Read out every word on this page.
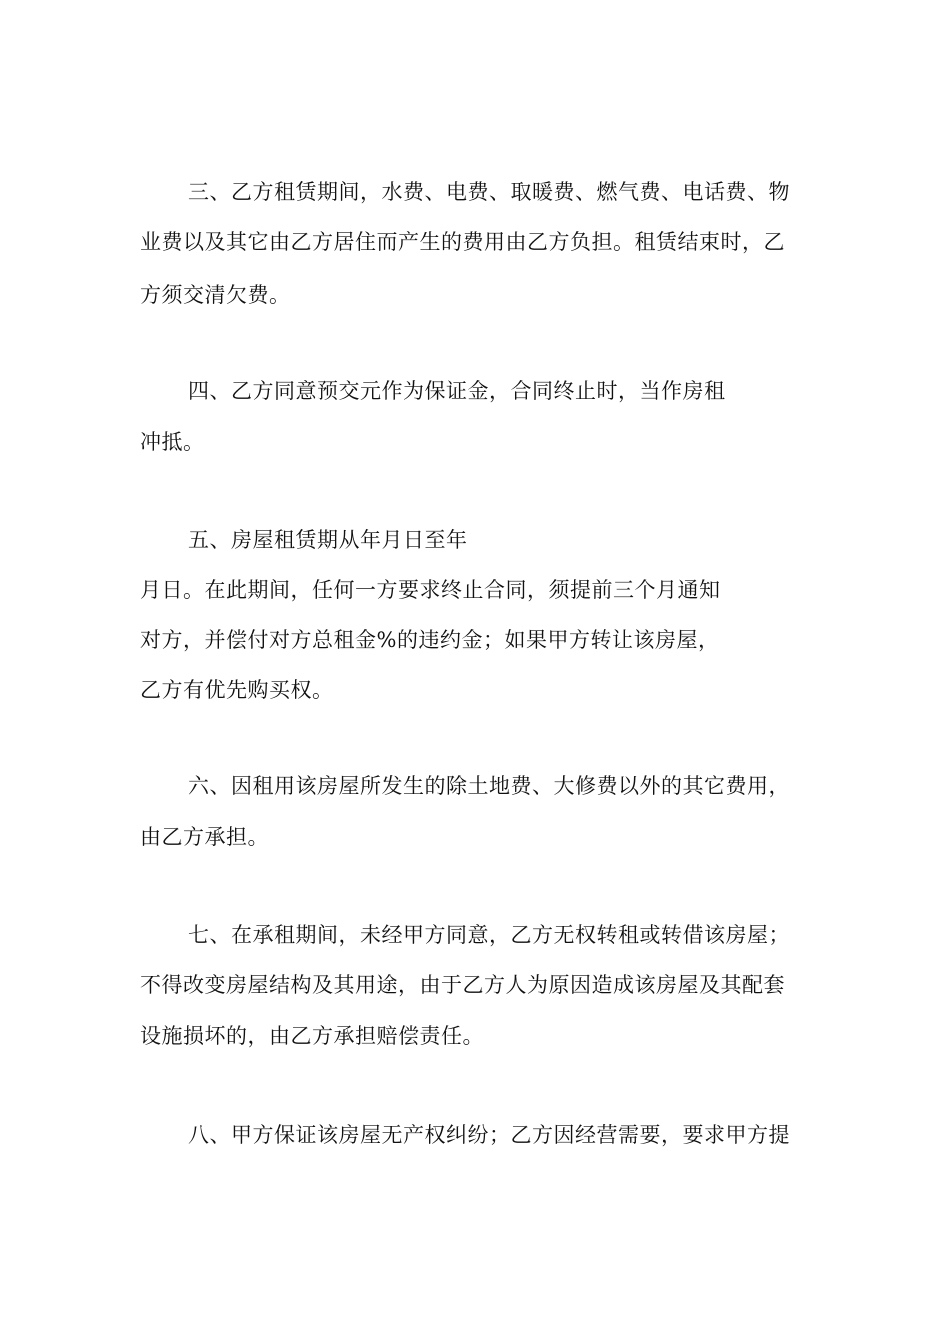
三、乙方租赁期间，水费、电费、取暖费、燃气费、电话费、物
业费以及其它由乙方居住而产生的费用由乙方负担。租赁结束时，乙
方须交清欠费。
四、乙方同意预交元作为保证金，合同终止时，当作房租
冲抵。
五、房屋租赁期从年月日至年
月日。在此期间，任何一方要求终止合同，须提前三个月通知
对方，并偿付对方总租金%的违约金；如果甲方转让该房屋，
乙方有优先购买权。
六、因租用该房屋所发生的除土地费、大修费以外的其它费用，
由乙方承担。
七、在承租期间，未经甲方同意，乙方无权转租或转借该房屋；
不得改变房屋结构及其用途，由于乙方人为原因造成该房屋及其配套
设施损坏的，由乙方承担赔偿责任。
八、甲方保证该房屋无产权纠纷；乙方因经营需要，要求甲方提
